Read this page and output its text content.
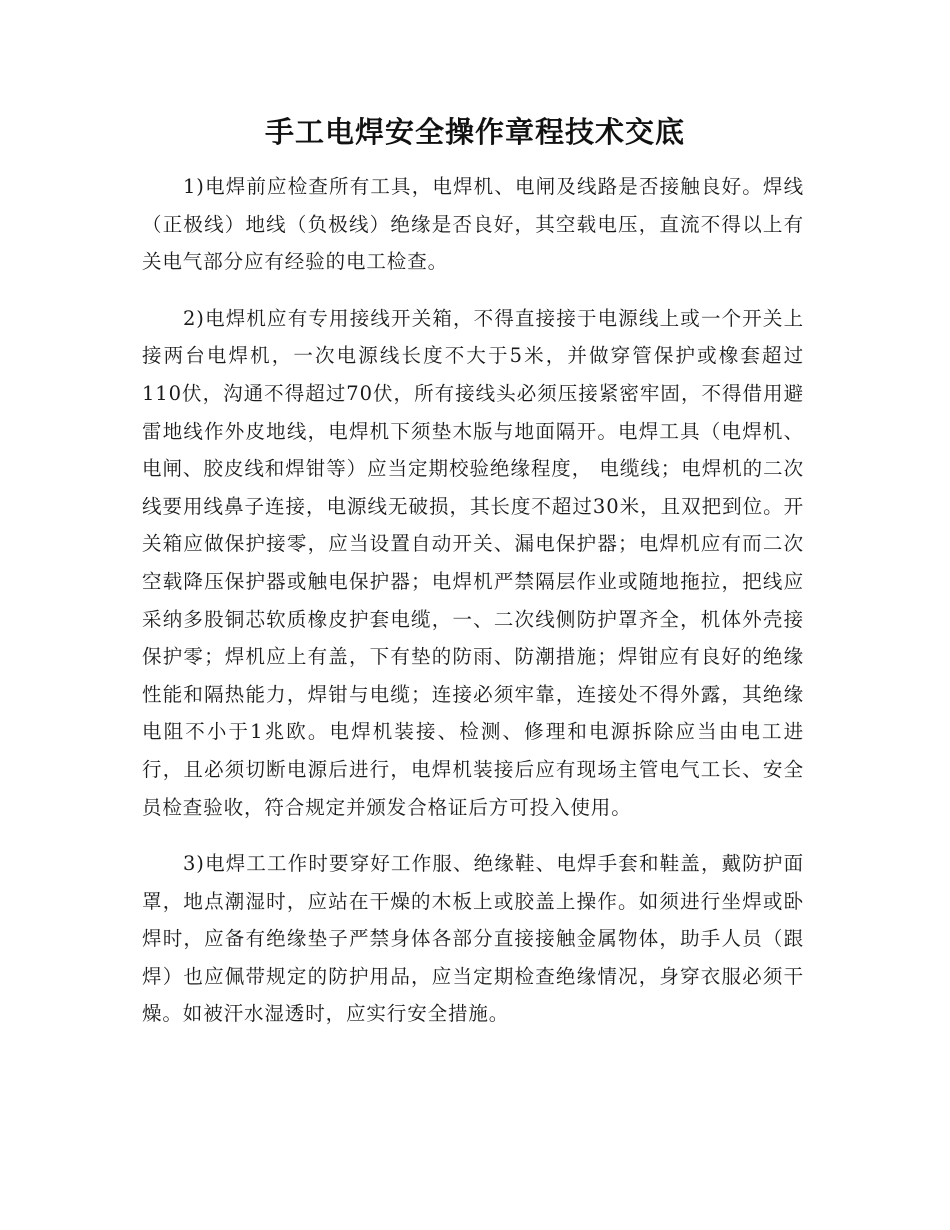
手工电焊安全操作章程技术交底

1)电焊前应检查所有工具，电焊机、电闸及线路是否接触良好。焊线（正极线）地线（负极线）绝缘是否良好，其空载电压，直流不得以上有关电气部分应有经验的电工检查。

2)电焊机应有专用接线开关箱，不得直接接于电源线上或一个开关上接两台电焊机，一次电源线长度不大于5米，并做穿管保护或橡套超过110伏，沟通不得超过70伏，所有接线头必须压接紧密牢固，不得借用避雷地线作外皮地线，电焊机下须垫木版与地面隔开。电焊工具（电焊机、电闸、胶皮线和焊钳等）应当定期校验绝缘程度， 电缆线；电焊机的二次线要用线鼻子连接，电源线无破损，其长度不超过30米，且双把到位。开关箱应做保护接零，应当设置自动开关、漏电保护器；电焊机应有而二次空载降压保护器或触电保护器；电焊机严禁隔层作业或随地拖拉，把线应采纳多股铜芯软质橡皮护套电缆，一、二次线侧防护罩齐全，机体外壳接保护零；焊机应上有盖，下有垫的防雨、防潮措施；焊钳应有良好的绝缘性能和隔热能力，焊钳与电缆；连接必须牢靠，连接处不得外露，其绝缘电阻不小于1兆欧。电焊机装接、检测、修理和电源拆除应当由电工进行，且必须切断电源后进行，电焊机装接后应有现场主管电气工长、安全员检查验收，符合规定并颁发合格证后方可投入使用。

3)电焊工工作时要穿好工作服、绝缘鞋、电焊手套和鞋盖，戴防护面罩，地点潮湿时，应站在干燥的木板上或胶盖上操作。如须进行坐焊或卧焊时，应备有绝缘垫子严禁身体各部分直接接触金属物体，助手人员（跟焊）也应佩带规定的防护用品，应当定期检查绝缘情况，身穿衣服必须干燥。如被汗水湿透时，应实行安全措施。
